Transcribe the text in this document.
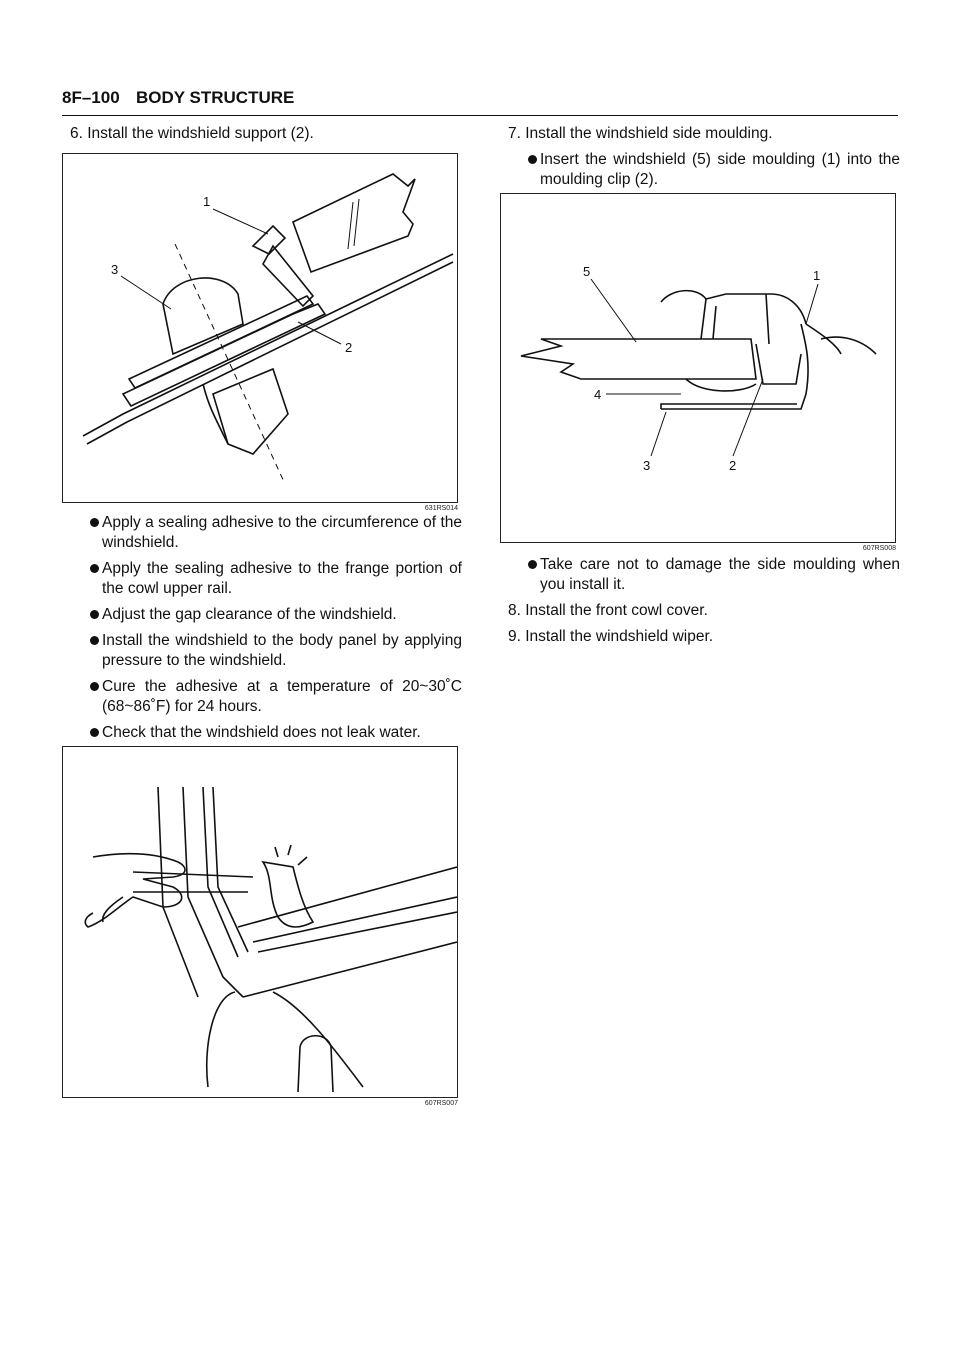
8F–100 BODY STRUCTURE
6. Install the windshield support (2).
1
3
2
631RS014
Apply a sealing adhesive to the circumference of the windshield.
Apply the sealing adhesive to the frange portion of the cowl upper rail.
Adjust the gap clearance of the windshield.
Install the windshield to the body panel by applying pressure to the windshield.
Cure the adhesive at a temperature of 20~30˚C (68~86˚F) for 24 hours.
Check that the windshield does not leak water.
607RS007
7. Install the windshield side moulding.
Insert the windshield (5) side moulding (1) into the moulding clip (2).
5	1
4
3	2
607RS008
Take care not to damage the side moulding when you install it.
8. Install the front cowl cover.
9. Install the windshield wiper.
